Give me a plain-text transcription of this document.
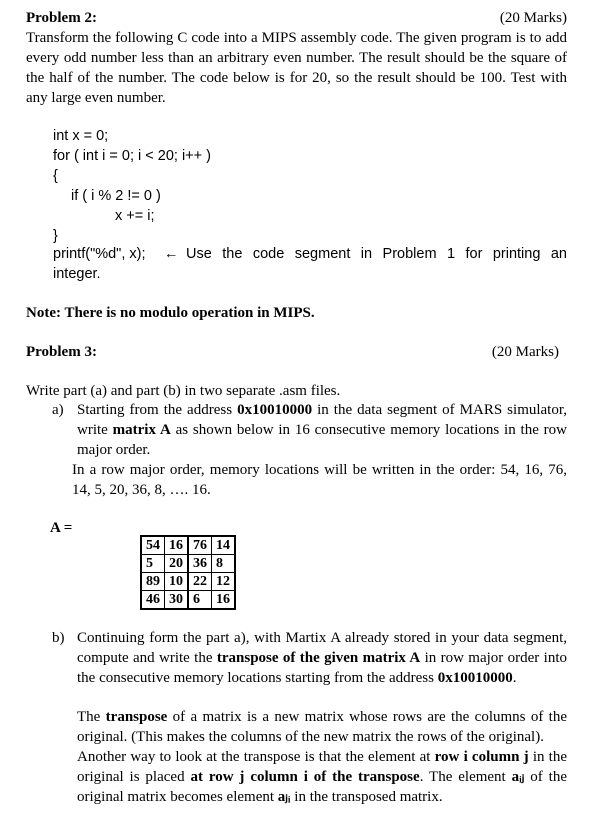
Problem 2:	(20 Marks)
Transform the following C code into a MIPS assembly code. The given program is to add
every odd number less than an arbitrary even number. The result should be the square of
the half of the number. The code below is for 20, so the result should be 100. Test with
any large even number.
int x = 0;
for ( int i = 0; i < 20; i++ )
{
if ( i % 2 != 0 )
x += i;
}
printf("%d", x); ← Use the code segment in Problem 1 for printing an
integer.
Note: There is no modulo operation in MIPS.
Problem 3:	(20 Marks)
Write part (a) and part (b) in two separate .asm files.
a) Starting from the address 0x10010000 in the data segment of MARS simulator,
write matrix A as shown below in 16 consecutive memory locations in the row
major order.
In a row major order, memory locations will be written in the order: 54, 16, 76,
14, 5, 20, 36, 8, …. 16.
A =
54	16	76	14
5	20	36	8
89	10	22	12
46	30	6	16
b) Continuing form the part a), with Martix A already stored in your data segment,
compute and write the transpose of the given matrix A in row major order into
the consecutive memory locations starting from the address 0x10010000.
The transpose of a matrix is a new matrix whose rows are the columns of the
original. (This makes the columns of the new matrix the rows of the original).
Another way to look at the transpose is that the element at row i column j in the
original is placed at row j column i of the transpose. The element aᵢⱼ of the
original matrix becomes element aⱼᵢ in the transposed matrix.
